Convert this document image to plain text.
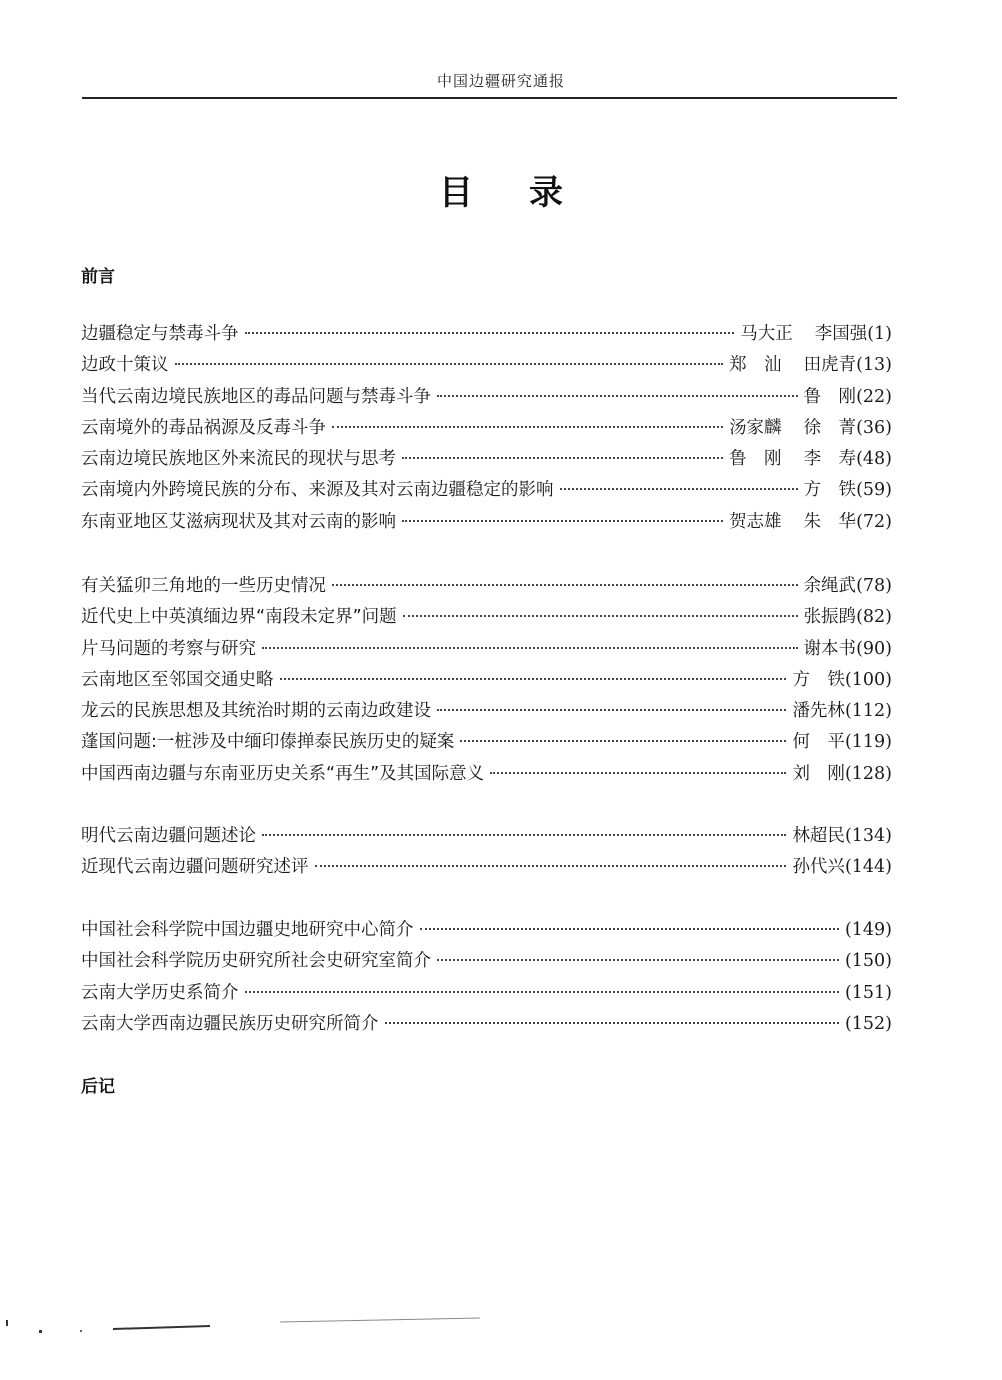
中国边疆研究通报
目 录
前言
边疆稳定与禁毒斗争	马大正 李国强 (1)
边政十策议	郑　汕 田虎青 (13)
当代云南边境民族地区的毒品问题与禁毒斗争	鲁　刚 (22)
云南境外的毒品祸源及反毒斗争	汤家麟 徐　菁 (36)
云南边境民族地区外来流民的现状与思考	鲁　刚 李　寿 (48)
云南境内外跨境民族的分布、来源及其对云南边疆稳定的影响	方　铁 (59)
东南亚地区艾滋病现状及其对云南的影响	贺志雄 朱　华 (72)
有关猛卯三角地的一些历史情况	余绳武 (78)
近代史上中英滇缅边界“南段未定界”问题	张振鹍 (82)
片马问题的考察与研究	谢本书 (90)
云南地区至邻国交通史略	方　铁 (100)
龙云的民族思想及其统治时期的云南边政建设	潘先林 (112)
蓬国问题:一桩涉及中缅印傣掸泰民族历史的疑案	何　平 (119)
中国西南边疆与东南亚历史关系“再生”及其国际意义	刘　刚 (128)
明代云南边疆问题述论	林超民 (134)
近现代云南边疆问题研究述评	孙代兴 (144)
中国社会科学院中国边疆史地研究中心简介	(149)
中国社会科学院历史研究所社会史研究室简介	(150)
云南大学历史系简介	(151)
云南大学西南边疆民族历史研究所简介	(152)
后记
